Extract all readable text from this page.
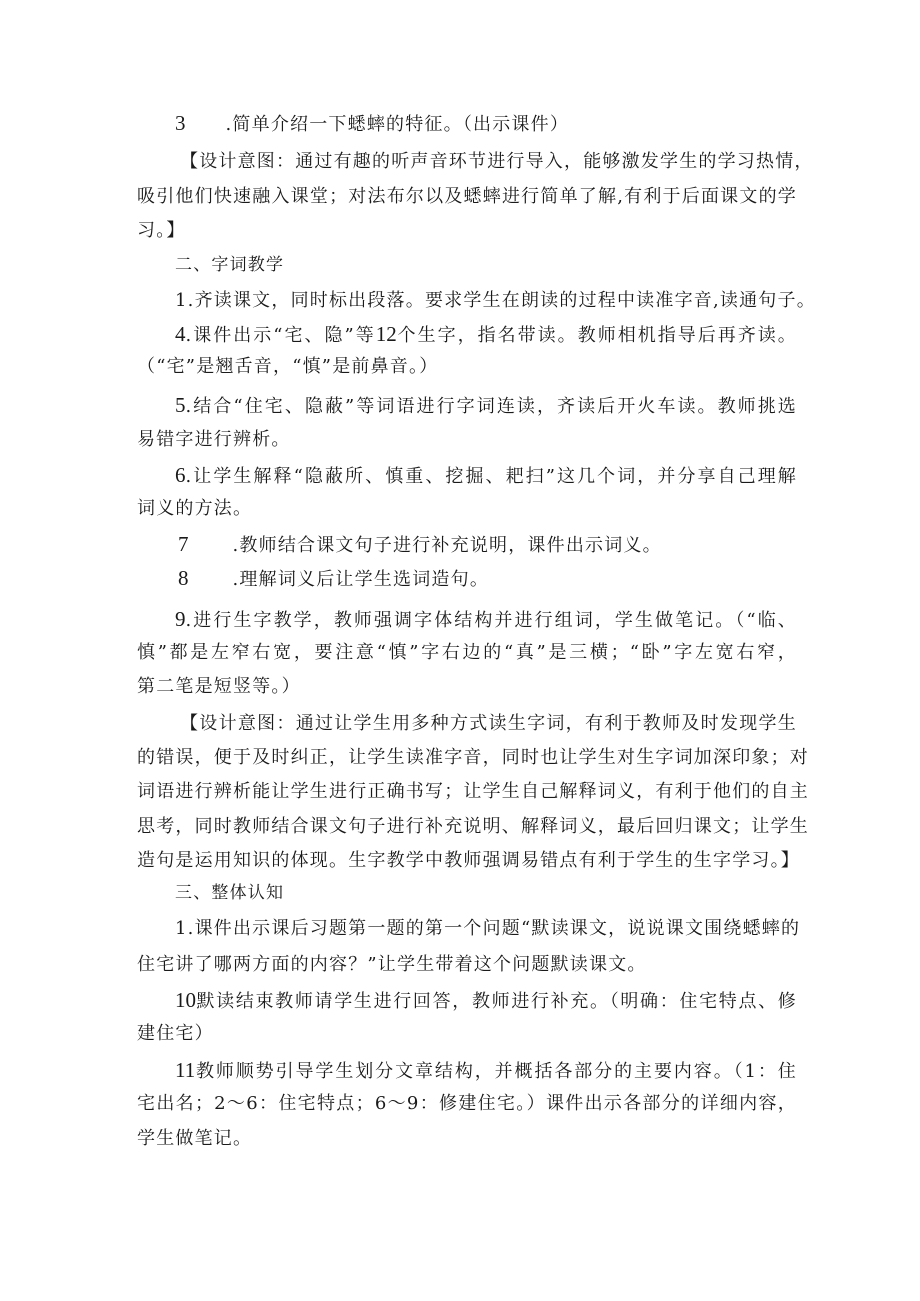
3 .简单介绍一下蟋蟀的特征。（出示课件）
【设计意图：通过有趣的听声音环节进行导入，能够激发学生的学习热情，
吸引他们快速融入课堂；对法布尔以及蟋蟀进行简单了解,有利于后面课文的学
习。】
二、字词教学
1.齐读课文，同时标出段落。要求学生在朗读的过程中读准字音,读通句子。
4.课件出示“宅、隐”等12个生字，指名带读。教师相机指导后再齐读。
（“宅”是翘舌音，“慎”是前鼻音。）
5.结合“住宅、隐蔽”等词语进行字词连读，齐读后开火车读。教师挑选
易错字进行辨析。
6.让学生解释“隐蔽所、慎重、挖掘、耙扫”这几个词，并分享自己理解
词义的方法。
7 .教师结合课文句子进行补充说明，课件出示词义。
8 .理解词义后让学生选词造句。
9.进行生字教学，教师强调字体结构并进行组词，学生做笔记。（“临、
慎”都是左窄右宽，要注意“慎”字右边的“真”是三横；“卧”字左宽右窄，
第二笔是短竖等。）
【设计意图：通过让学生用多种方式读生字词，有利于教师及时发现学生
的错误，便于及时纠正，让学生读准字音，同时也让学生对生字词加深印象；对
词语进行辨析能让学生进行正确书写；让学生自己解释词义，有利于他们的自主
思考，同时教师结合课文句子进行补充说明、解释词义，最后回归课文；让学生
造句是运用知识的体现。生字教学中教师强调易错点有利于学生的生字学习。】
三、整体认知
1.课件出示课后习题第一题的第一个问题“默读课文，说说课文围绕蟋蟀的
住宅讲了哪两方面的内容？”让学生带着这个问题默读课文。
10默读结束教师请学生进行回答，教师进行补充。（明确：住宅特点、修
建住宅）
11教师顺势引导学生划分文章结构，并概括各部分的主要内容。（1：住
宅出名；2～6：住宅特点；6～9：修建住宅。）课件出示各部分的详细内容，
学生做笔记。
